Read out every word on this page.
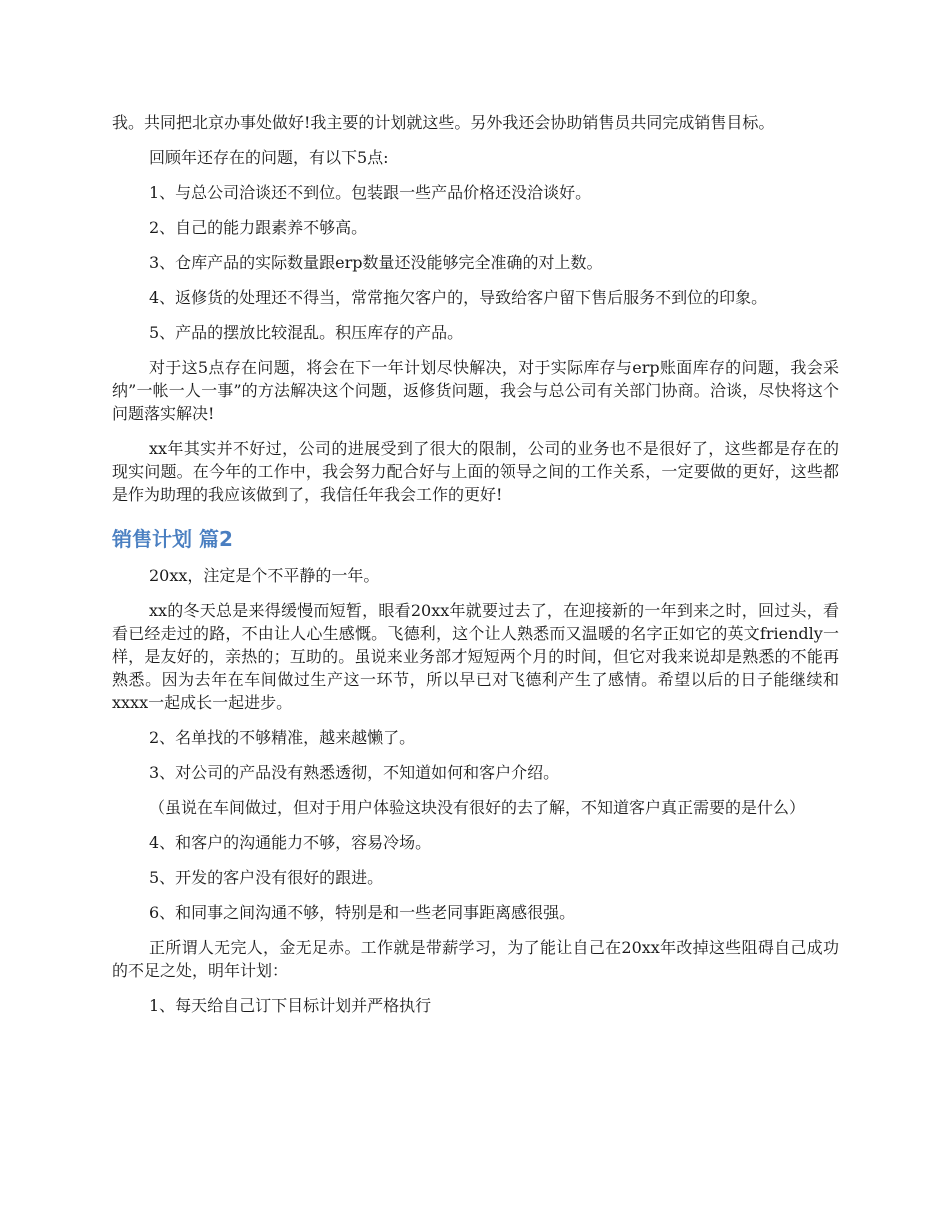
我。共同把北京办事处做好!我主要的计划就这些。另外我还会协助销售员共同完成销售目标。

回顾年还存在的问题，有以下5点:

1、与总公司洽谈还不到位。包装跟一些产品价格还没洽谈好。

2、自己的能力跟素养不够高。

3、仓库产品的实际数量跟erp数量还没能够完全准确的对上数。

4、返修货的处理还不得当，常常拖欠客户的，导致给客户留下售后服务不到位的印象。

5、产品的摆放比较混乱。积压库存的产品。

对于这5点存在问题，将会在下一年计划尽快解决，对于实际库存与erp账面库存的问题，我会采纳”一帐一人一事”的方法解决这个问题，返修货问题，我会与总公司有关部门协商。洽谈，尽快将这个问题落实解决!

xx年其实并不好过，公司的进展受到了很大的限制，公司的业务也不是很好了，这些都是存在的现实问题。在今年的工作中，我会努力配合好与上面的领导之间的工作关系，一定要做的更好，这些都是作为助理的我应该做到了，我信任年我会工作的更好!

销售计划 篇2

20xx，注定是个不平静的一年。

xx的冬天总是来得缓慢而短暂，眼看20xx年就要过去了，在迎接新的一年到来之时，回过头，看看已经走过的路，不由让人心生感慨。飞德利，这个让人熟悉而又温暖的名字正如它的英文friendly一样，是友好的，亲热的；互助的。虽说来业务部才短短两个月的时间，但它对我来说却是熟悉的不能再熟悉。因为去年在车间做过生产这一环节，所以早已对飞德利产生了感情。希望以后的日子能继续和xxxx一起成长一起进步。

2、名单找的不够精准，越来越懒了。

3、对公司的产品没有熟悉透彻，不知道如何和客户介绍。

（虽说在车间做过，但对于用户体验这块没有很好的去了解，不知道客户真正需要的是什么）

4、和客户的沟通能力不够，容易冷场。

5、开发的客户没有很好的跟进。

6、和同事之间沟通不够，特别是和一些老同事距离感很强。

正所谓人无完人，金无足赤。工作就是带薪学习，为了能让自己在20xx年改掉这些阻碍自己成功的不足之处，明年计划：

1、每天给自己订下目标计划并严格执行
